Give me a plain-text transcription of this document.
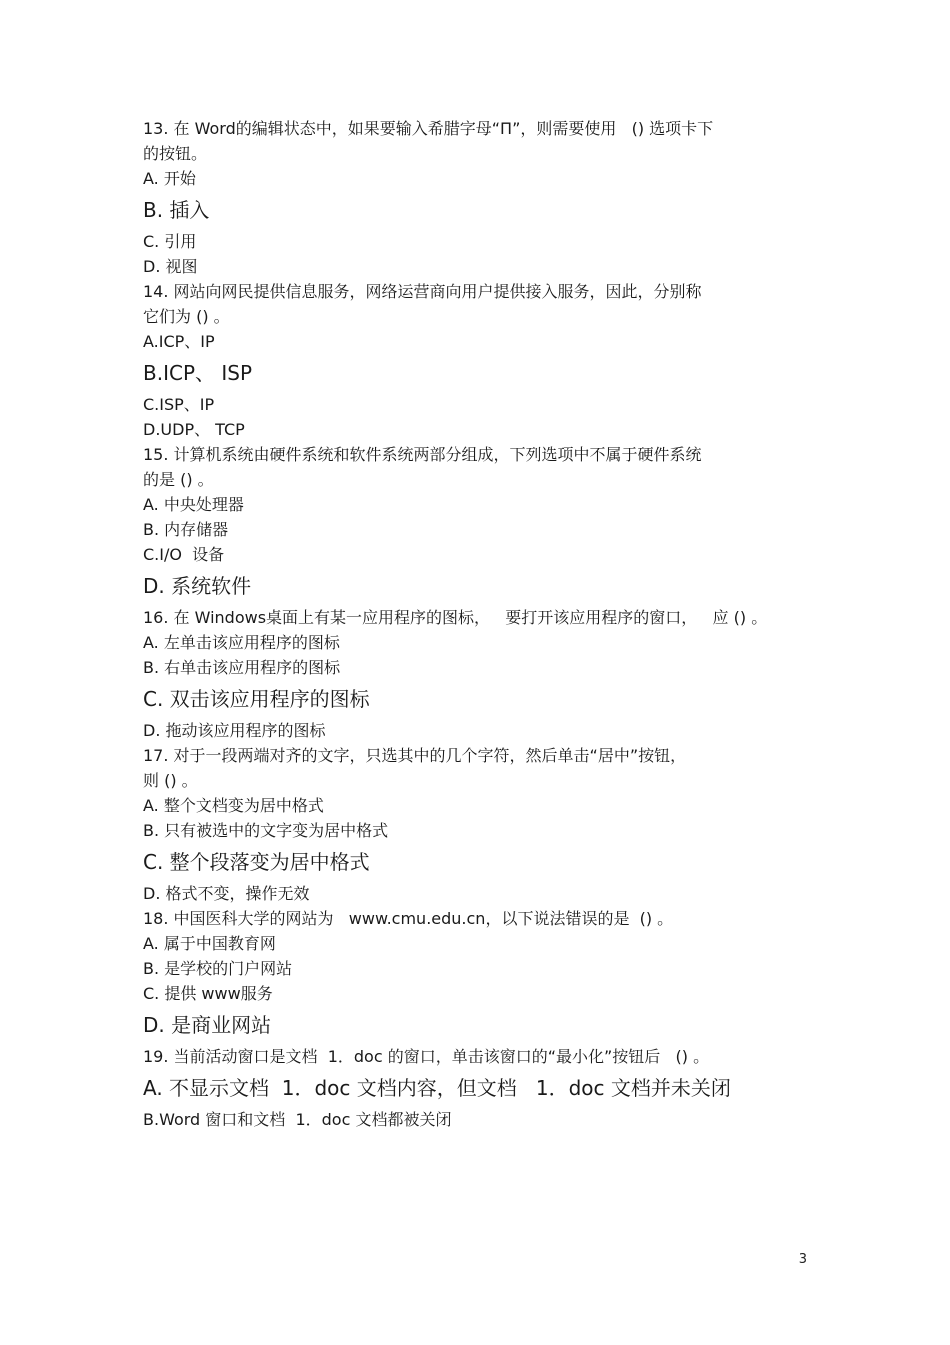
13. 在 Word的编辑状态中，如果要输入希腊字母“Π”，则需要使用   () 选项卡下

的按钮。

A. 开始

B. 插入

C. 引用

D. 视图

14. 网站向网民提供信息服务，网络运营商向用户提供接入服务，因此，分别称

它们为 () 。

A.ICP、IP

B.ICP、 ISP

C.ISP、IP

D.UDP、 TCP

15. 计算机系统由硬件系统和软件系统两部分组成，下列选项中不属于硬件系统

的是 () 。

A. 中央处理器

B. 内存储器

C.I/O  设备

D. 系统软件

16. 在 Windows桌面上有某一应用程序的图标，   要打开该应用程序的窗口，   应 () 。

A. 左单击该应用程序的图标

B. 右单击该应用程序的图标

C. 双击该应用程序的图标

D. 拖动该应用程序的图标

17. 对于一段两端对齐的文字，只选其中的几个字符，然后单击“居中”按钮，

则 () 。

A. 整个文档变为居中格式

B. 只有被选中的文字变为居中格式

C. 整个段落变为居中格式

D. 格式不变，操作无效

18. 中国医科大学的网站为   www.cmu.edu.cn，以下说法错误的是  () 。

A. 属于中国教育网

B. 是学校的门户网站

C. 提供 www服务

D. 是商业网站

19. 当前活动窗口是文档  1．doc 的窗口，单击该窗口的“最小化”按钮后   () 。

A. 不显示文档  1．doc 文档内容，但文档   1．doc 文档并未关闭

B.Word 窗口和文档  1．doc 文档都被关闭

3
